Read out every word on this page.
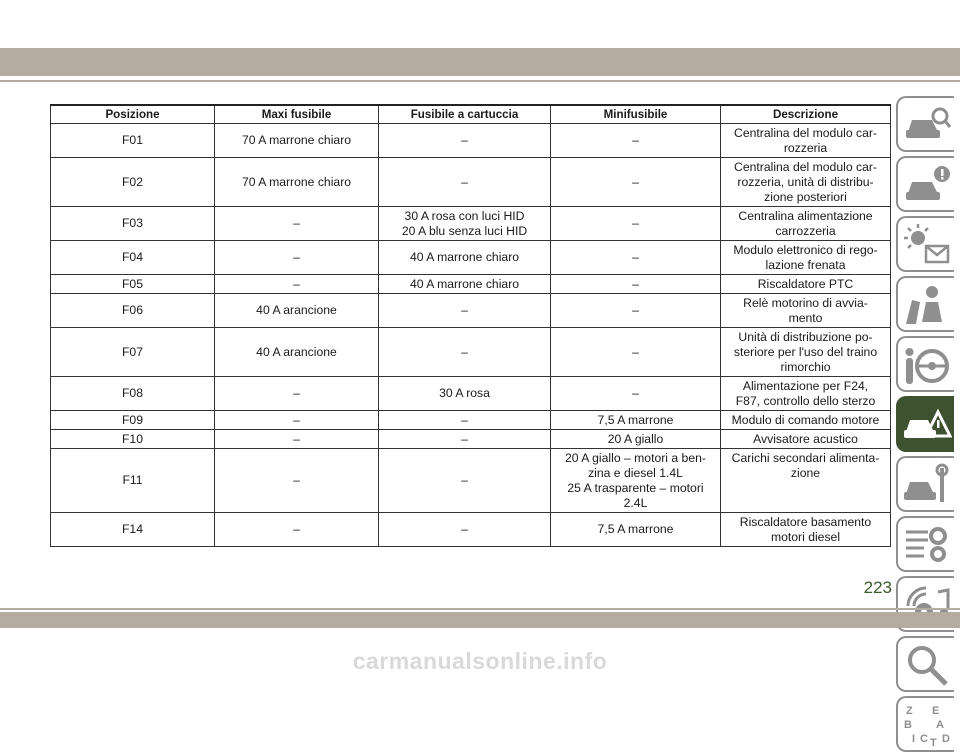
Posizione	Maxi fusibile	Fusibile a cartuccia	Minifusibile	Descrizione
F01	70 A marrone chiaro	–	–	Centralina del modulo car-
rozzeria
F02	70 A marrone chiaro	–	–	Centralina del modulo car-
rozzeria, unità di distribu-
zione posteriori
F03	–	30 A rosa con luci HID
20 A blu senza luci HID	–	Centralina alimentazione
carrozzeria
F04	–	40 A marrone chiaro	–	Modulo elettronico di rego-
lazione frenata
F05	–	40 A marrone chiaro	–	Riscaldatore PTC
F06	40 A arancione	–	–	Relè motorino di avvia-
mento
F07	40 A arancione	–	–	Unità di distribuzione po-
steriore per l'uso del traino
rimorchio
F08	–	30 A rosa	–	Alimentazione per F24,
F87, controllo dello sterzo
F09	–	–	7,5 A marrone	Modulo di comando motore
F10	–	–	20 A giallo	Avvisatore acustico
F11	–	–	20 A giallo – motori a ben-
zina e diesel 1.4L
25 A trasparente – motori
2.4L	Carichi secondari alimenta-
zione
F14	–	–	7,5 A marrone	Riscaldatore basamento
motori diesel
Z E
B A
I C T D
223
carmanualsonline.info
